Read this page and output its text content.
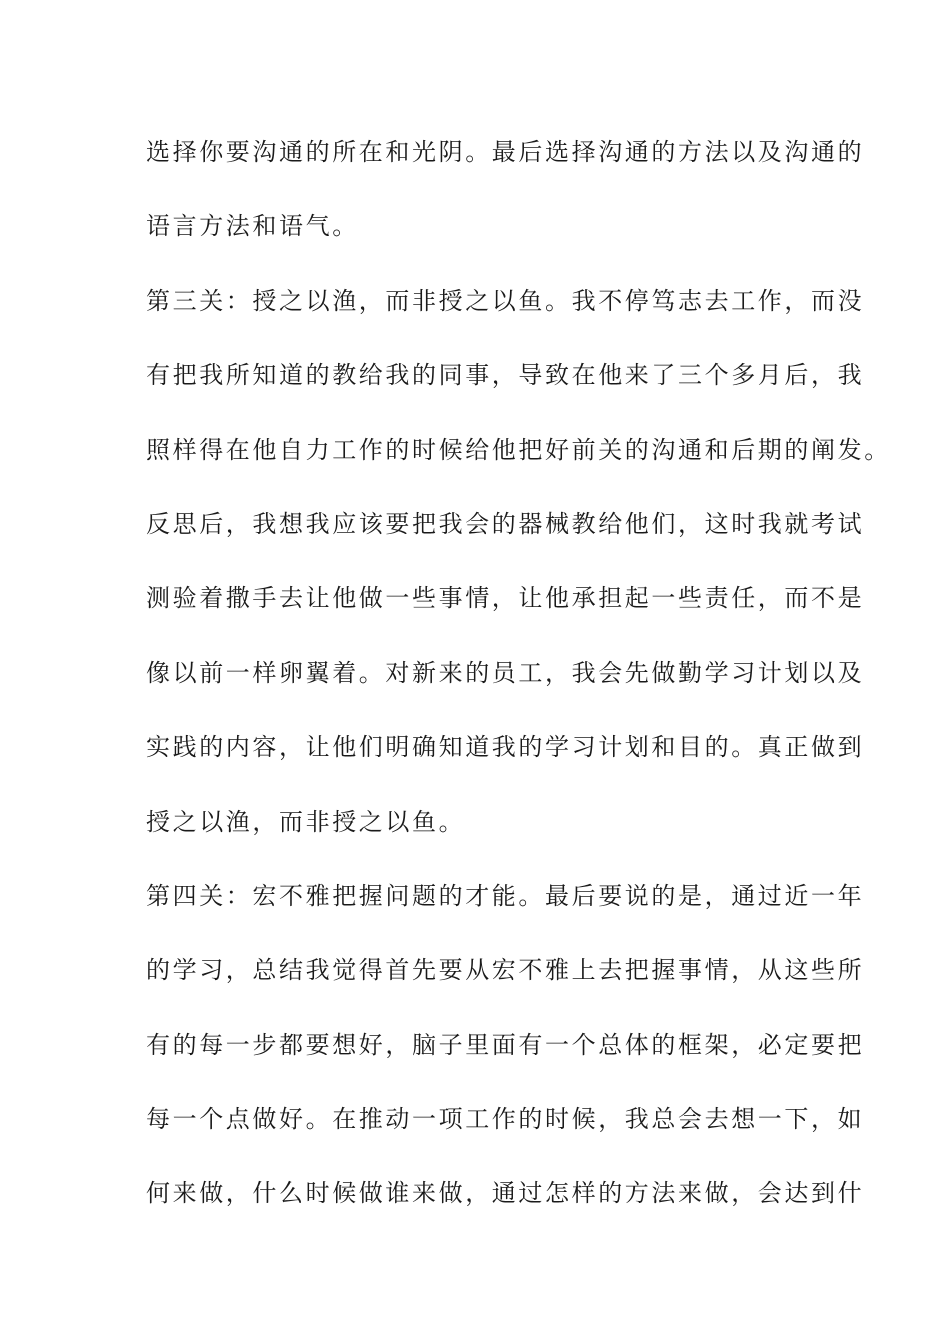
选择你要沟通的所在和光阴。最后选择沟通的方法以及沟通的
语言方法和语气。
第三关：授之以渔，而非授之以鱼。我不停笃志去工作，而没
有把我所知道的教给我的同事，导致在他来了三个多月后，我
照样得在他自力工作的时候给他把好前关的沟通和后期的阐发。
反思后，我想我应该要把我会的器械教给他们，这时我就考试
测验着撒手去让他做一些事情，让他承担起一些责任，而不是
像以前一样卵翼着。对新来的员工，我会先做勤学习计划以及
实践的内容，让他们明确知道我的学习计划和目的。真正做到
授之以渔，而非授之以鱼。
第四关：宏不雅把握问题的才能。最后要说的是，通过近一年
的学习，总结我觉得首先要从宏不雅上去把握事情，从这些所
有的每一步都要想好，脑子里面有一个总体的框架，必定要把
每一个点做好。在推动一项工作的时候，我总会去想一下，如
何来做，什么时候做谁来做，通过怎样的方法来做，会达到什
